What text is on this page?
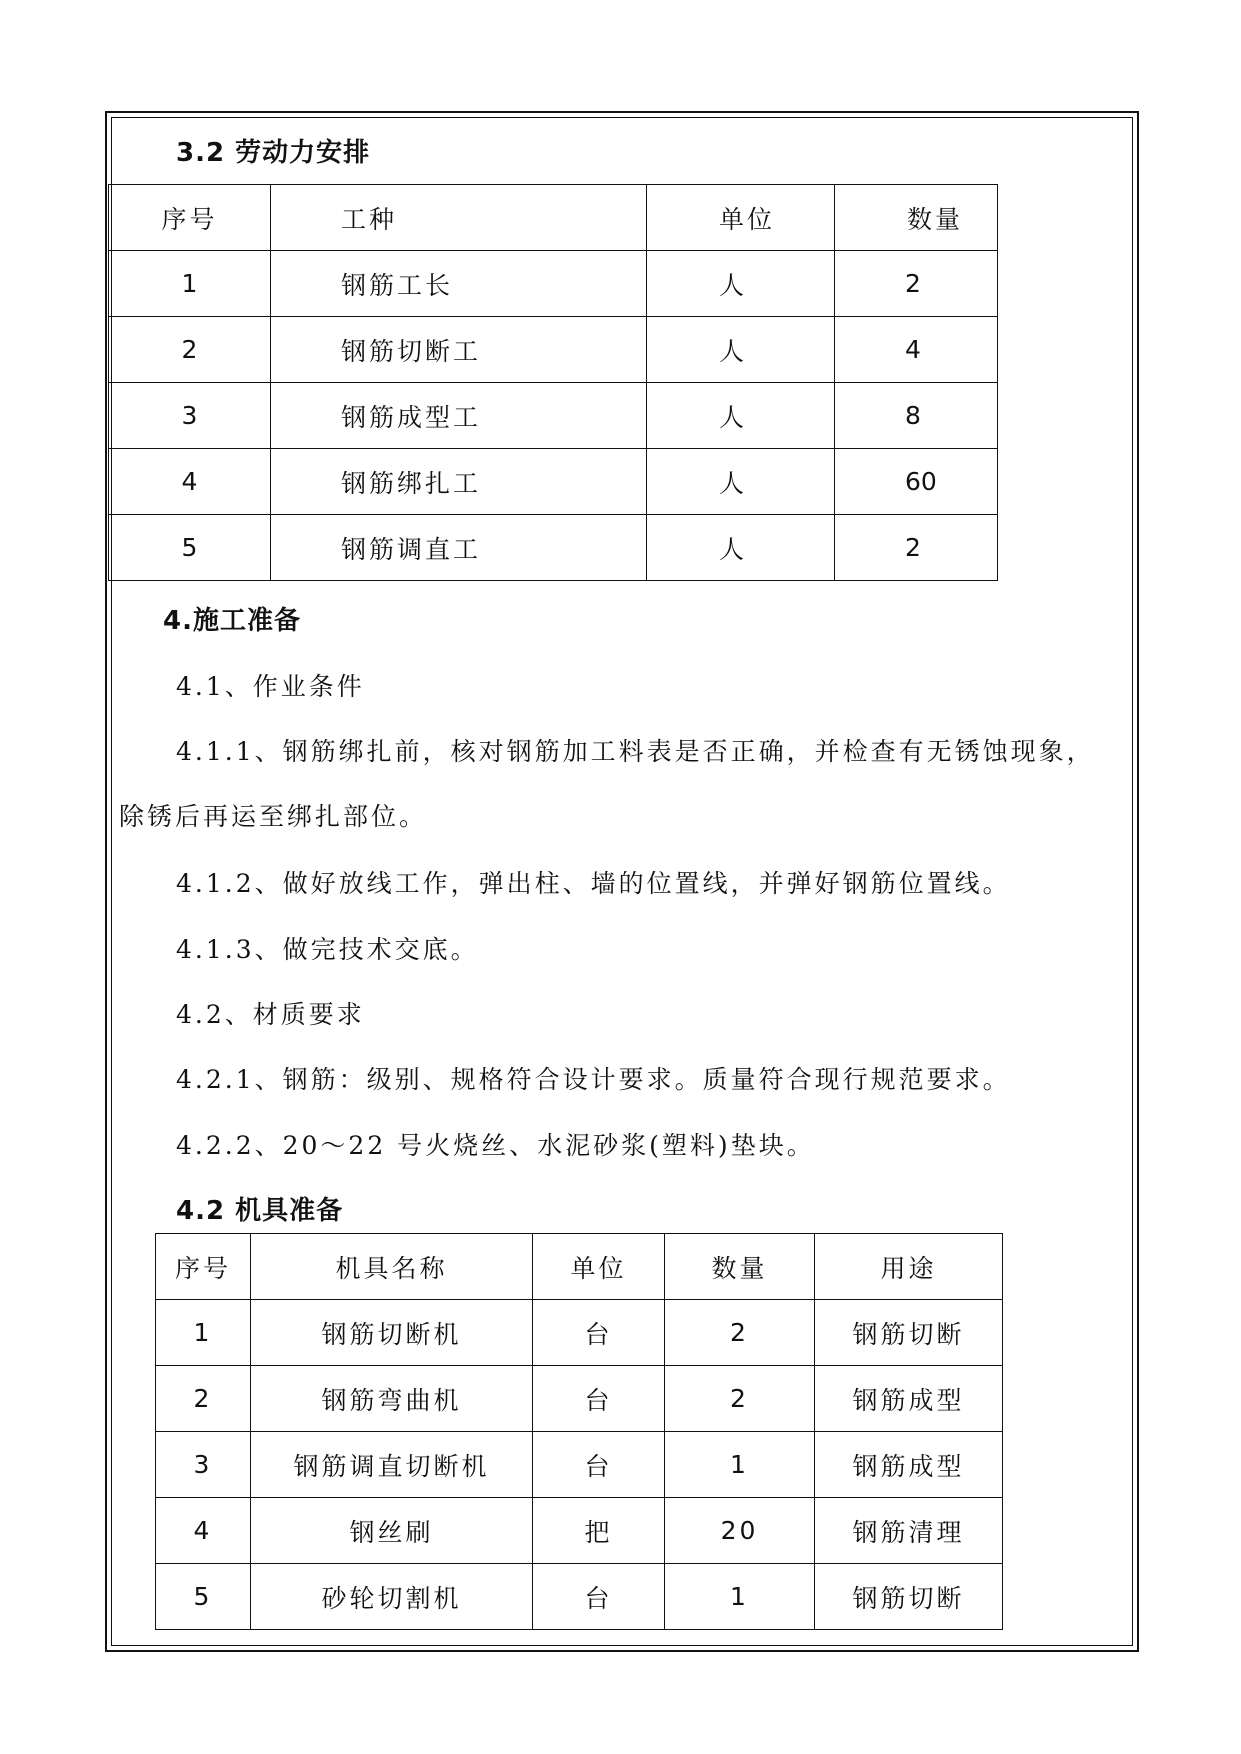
3.2 劳动力安排
序号	工种	单位	数量
1	钢筋工长	人	2
2	钢筋切断工	人	4
3	钢筋成型工	人	8
4	钢筋绑扎工	人	60
5	钢筋调直工	人	2
4.施工准备
4.1、作业条件
4.1.1、钢筋绑扎前，核对钢筋加工料表是否正确，并检查有无锈蚀现象，
除锈后再运至绑扎部位。
4.1.2、做好放线工作，弹出柱、墙的位置线，并弹好钢筋位置线。
4.1.3、做完技术交底。
4.2、材质要求
4.2.1、钢筋：级别、规格符合设计要求。质量符合现行规范要求。
4.2.2、20～22 号火烧丝、水泥砂浆(塑料)垫块。
4.2 机具准备
序号	机具名称	单位	数量	用途
1	钢筋切断机	台	2	钢筋切断
2	钢筋弯曲机	台	2	钢筋成型
3	钢筋调直切断机	台	1	钢筋成型
4	钢丝刷	把	20	钢筋清理
5	砂轮切割机	台	1	钢筋切断
